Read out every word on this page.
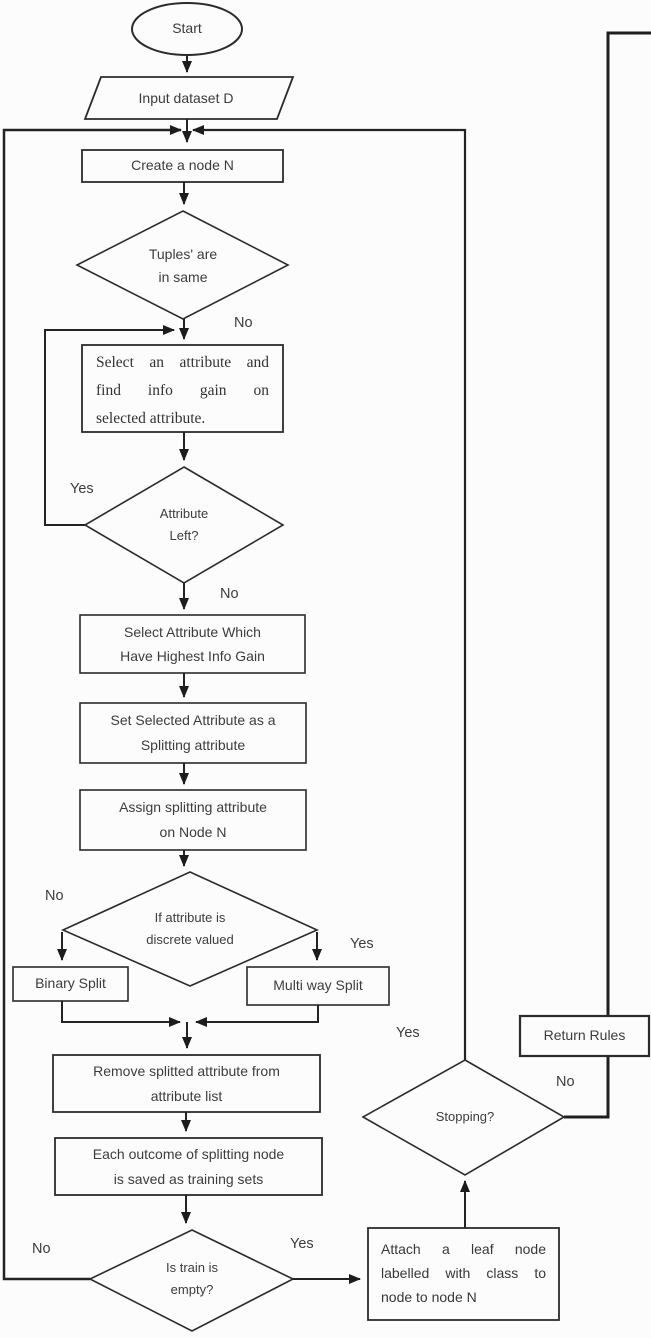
Start
Input dataset D
Create a node N
Tuples' are
in same
Select an attribute and
find info gain on
selected attribute.
Attribute
Left?
Select Attribute Which
Have Highest Info Gain
Set Selected Attribute as a
Splitting attribute
Assign splitting attribute
on Node N
If attribute is
discrete valued
Binary Split	Multi way Split
Remove splitted attribute from
attribute list
Each outcome of splitting node
is saved as training sets
Is train is
empty?
Attach a leaf node
labelled with class to
node to node N
Stopping?
Return Rules
No
Yes
No
No
Yes
No	Yes
Yes
No
